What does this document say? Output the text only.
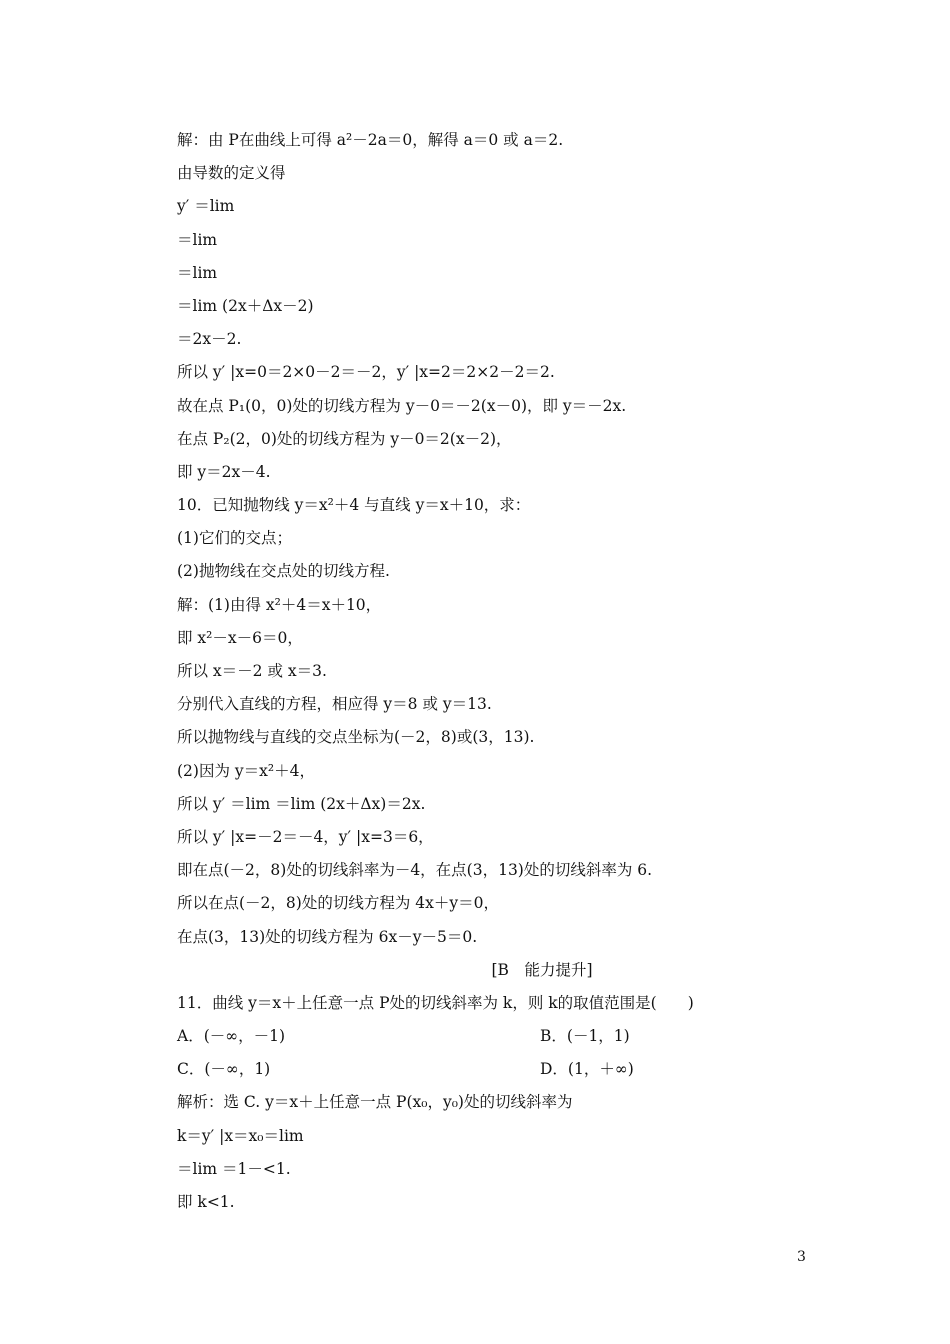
解：由 P在曲线上可得 a²－2a＝0，解得 a＝0 或 a＝2.
由导数的定义得
y′ ＝lim
＝lim
＝lim
＝lim (2x＋Δx－2)
＝2x－2.
所以 y′ |x=0＝2×0－2＝－2，y′ |x=2＝2×2－2＝2.
故在点 P₁(0，0)处的切线方程为 y－0＝－2(x－0)，即 y＝－2x.
在点 P₂(2，0)处的切线方程为 y－0＝2(x－2)，
即 y＝2x－4.
10．已知抛物线 y＝x²＋4 与直线 y＝x＋10，求：
(1)它们的交点；
(2)抛物线在交点处的切线方程.
解：(1)由得 x²＋4＝x＋10，
即 x²－x－6＝0，
所以 x＝－2 或 x＝3.
分别代入直线的方程，相应得 y＝8 或 y＝13.
所以抛物线与直线的交点坐标为(－2，8)或(3，13).
(2)因为 y＝x²＋4，
所以 y′ ＝lim ＝lim (2x＋Δx)＝2x.
所以 y′ |x=－2＝－4，y′ |x=3＝6，
即在点(－2，8)处的切线斜率为－4，在点(3，13)处的切线斜率为 6.
所以在点(－2，8)处的切线方程为 4x＋y＝0，
在点(3，13)处的切线方程为 6x－y－5＝0.
[B　能力提升]
11．曲线 y＝x＋上任意一点 P处的切线斜率为 k，则 k的取值范围是(　　)
A．(－∞，－1)	B．(－1，1)
C．(－∞，1)	D．(1，＋∞)
解析：选 C. y＝x＋上任意一点 P(x₀，y₀)处的切线斜率为
k＝y′ |x＝x₀＝lim
＝lim ＝1－<1.
即 k<1.
3
